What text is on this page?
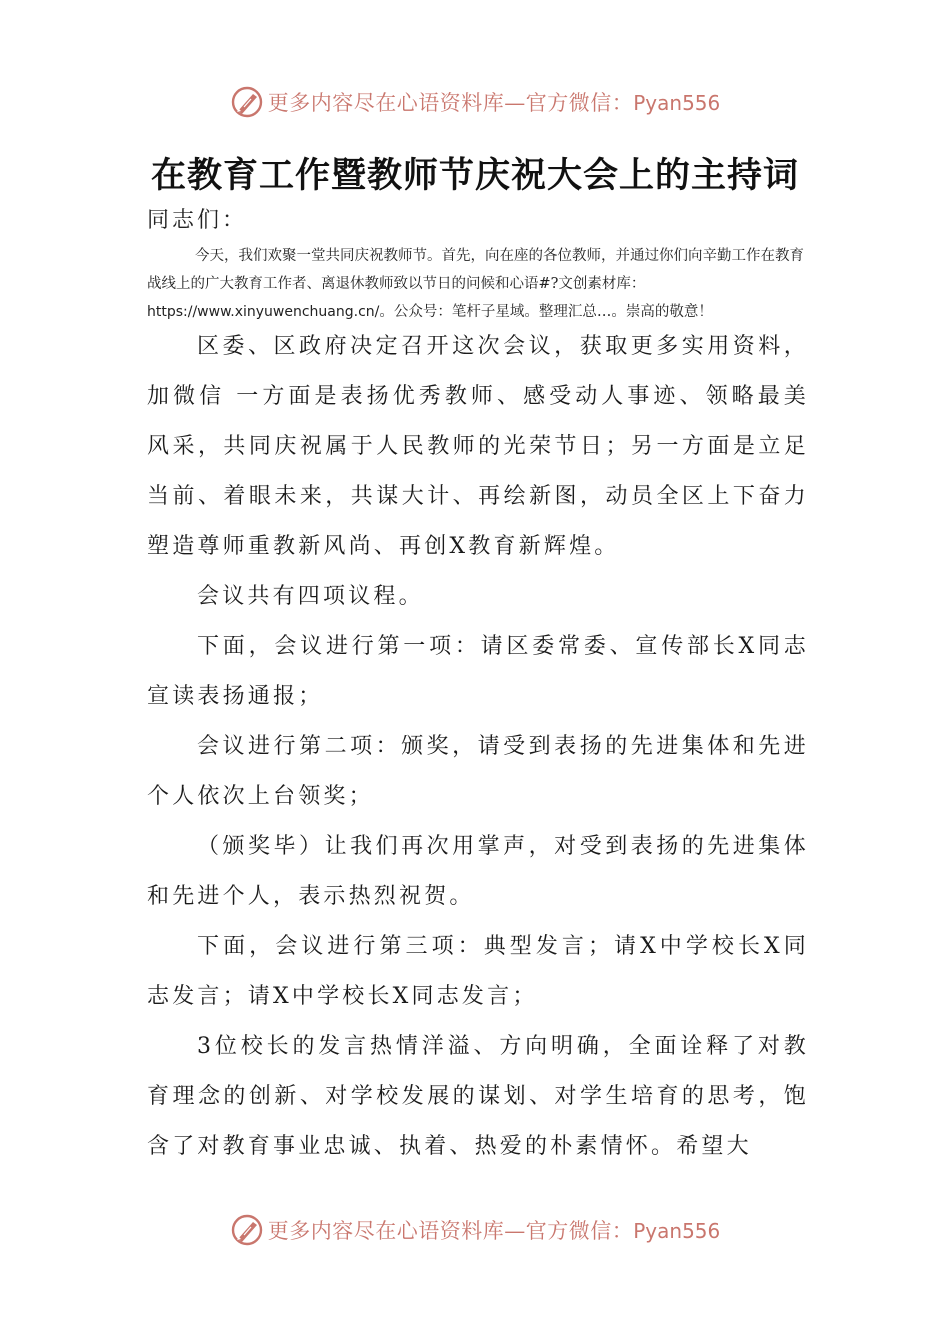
更多内容尽在心语资料库—官方微信：Pyan556
在教育工作暨教师节庆祝大会上的主持词
同志们：
今天，我们欢聚一堂共同庆祝教师节。首先，向在座的各位教师，并通过你们向辛勤工作在教育战线上的广大教育工作者、离退休教师致以节日的问候和心语#?文创素材库：https://www.xinyuwenchuang.cn/。公众号：笔杆子星域。整理汇总…。崇高的敬意！

区委、区政府决定召开这次会议，获取更多实用资料，加微信 一方面是表扬优秀教师、感受动人事迹、领略最美风采，共同庆祝属于人民教师的光荣节日；另一方面是立足当前、着眼未来，共谋大计、再绘新图，动员全区上下奋力塑造尊师重教新风尚、再创X教育新辉煌。

会议共有四项议程。

下面，会议进行第一项：请区委常委、宣传部长X同志宣读表扬通报；

会议进行第二项：颁奖，请受到表扬的先进集体和先进个人依次上台领奖；

（颁奖毕）让我们再次用掌声，对受到表扬的先进集体和先进个人，表示热烈祝贺。

下面，会议进行第三项：典型发言；请X中学校长X同志发言；请X中学校长X同志发言；

3位校长的发言热情洋溢、方向明确，全面诠释了对教育理念的创新、对学校发展的谋划、对学生培育的思考，饱含了对教育事业忠诚、执着、热爱的朴素情怀。希望大

更多内容尽在心语资料库—官方微信：Pyan556
